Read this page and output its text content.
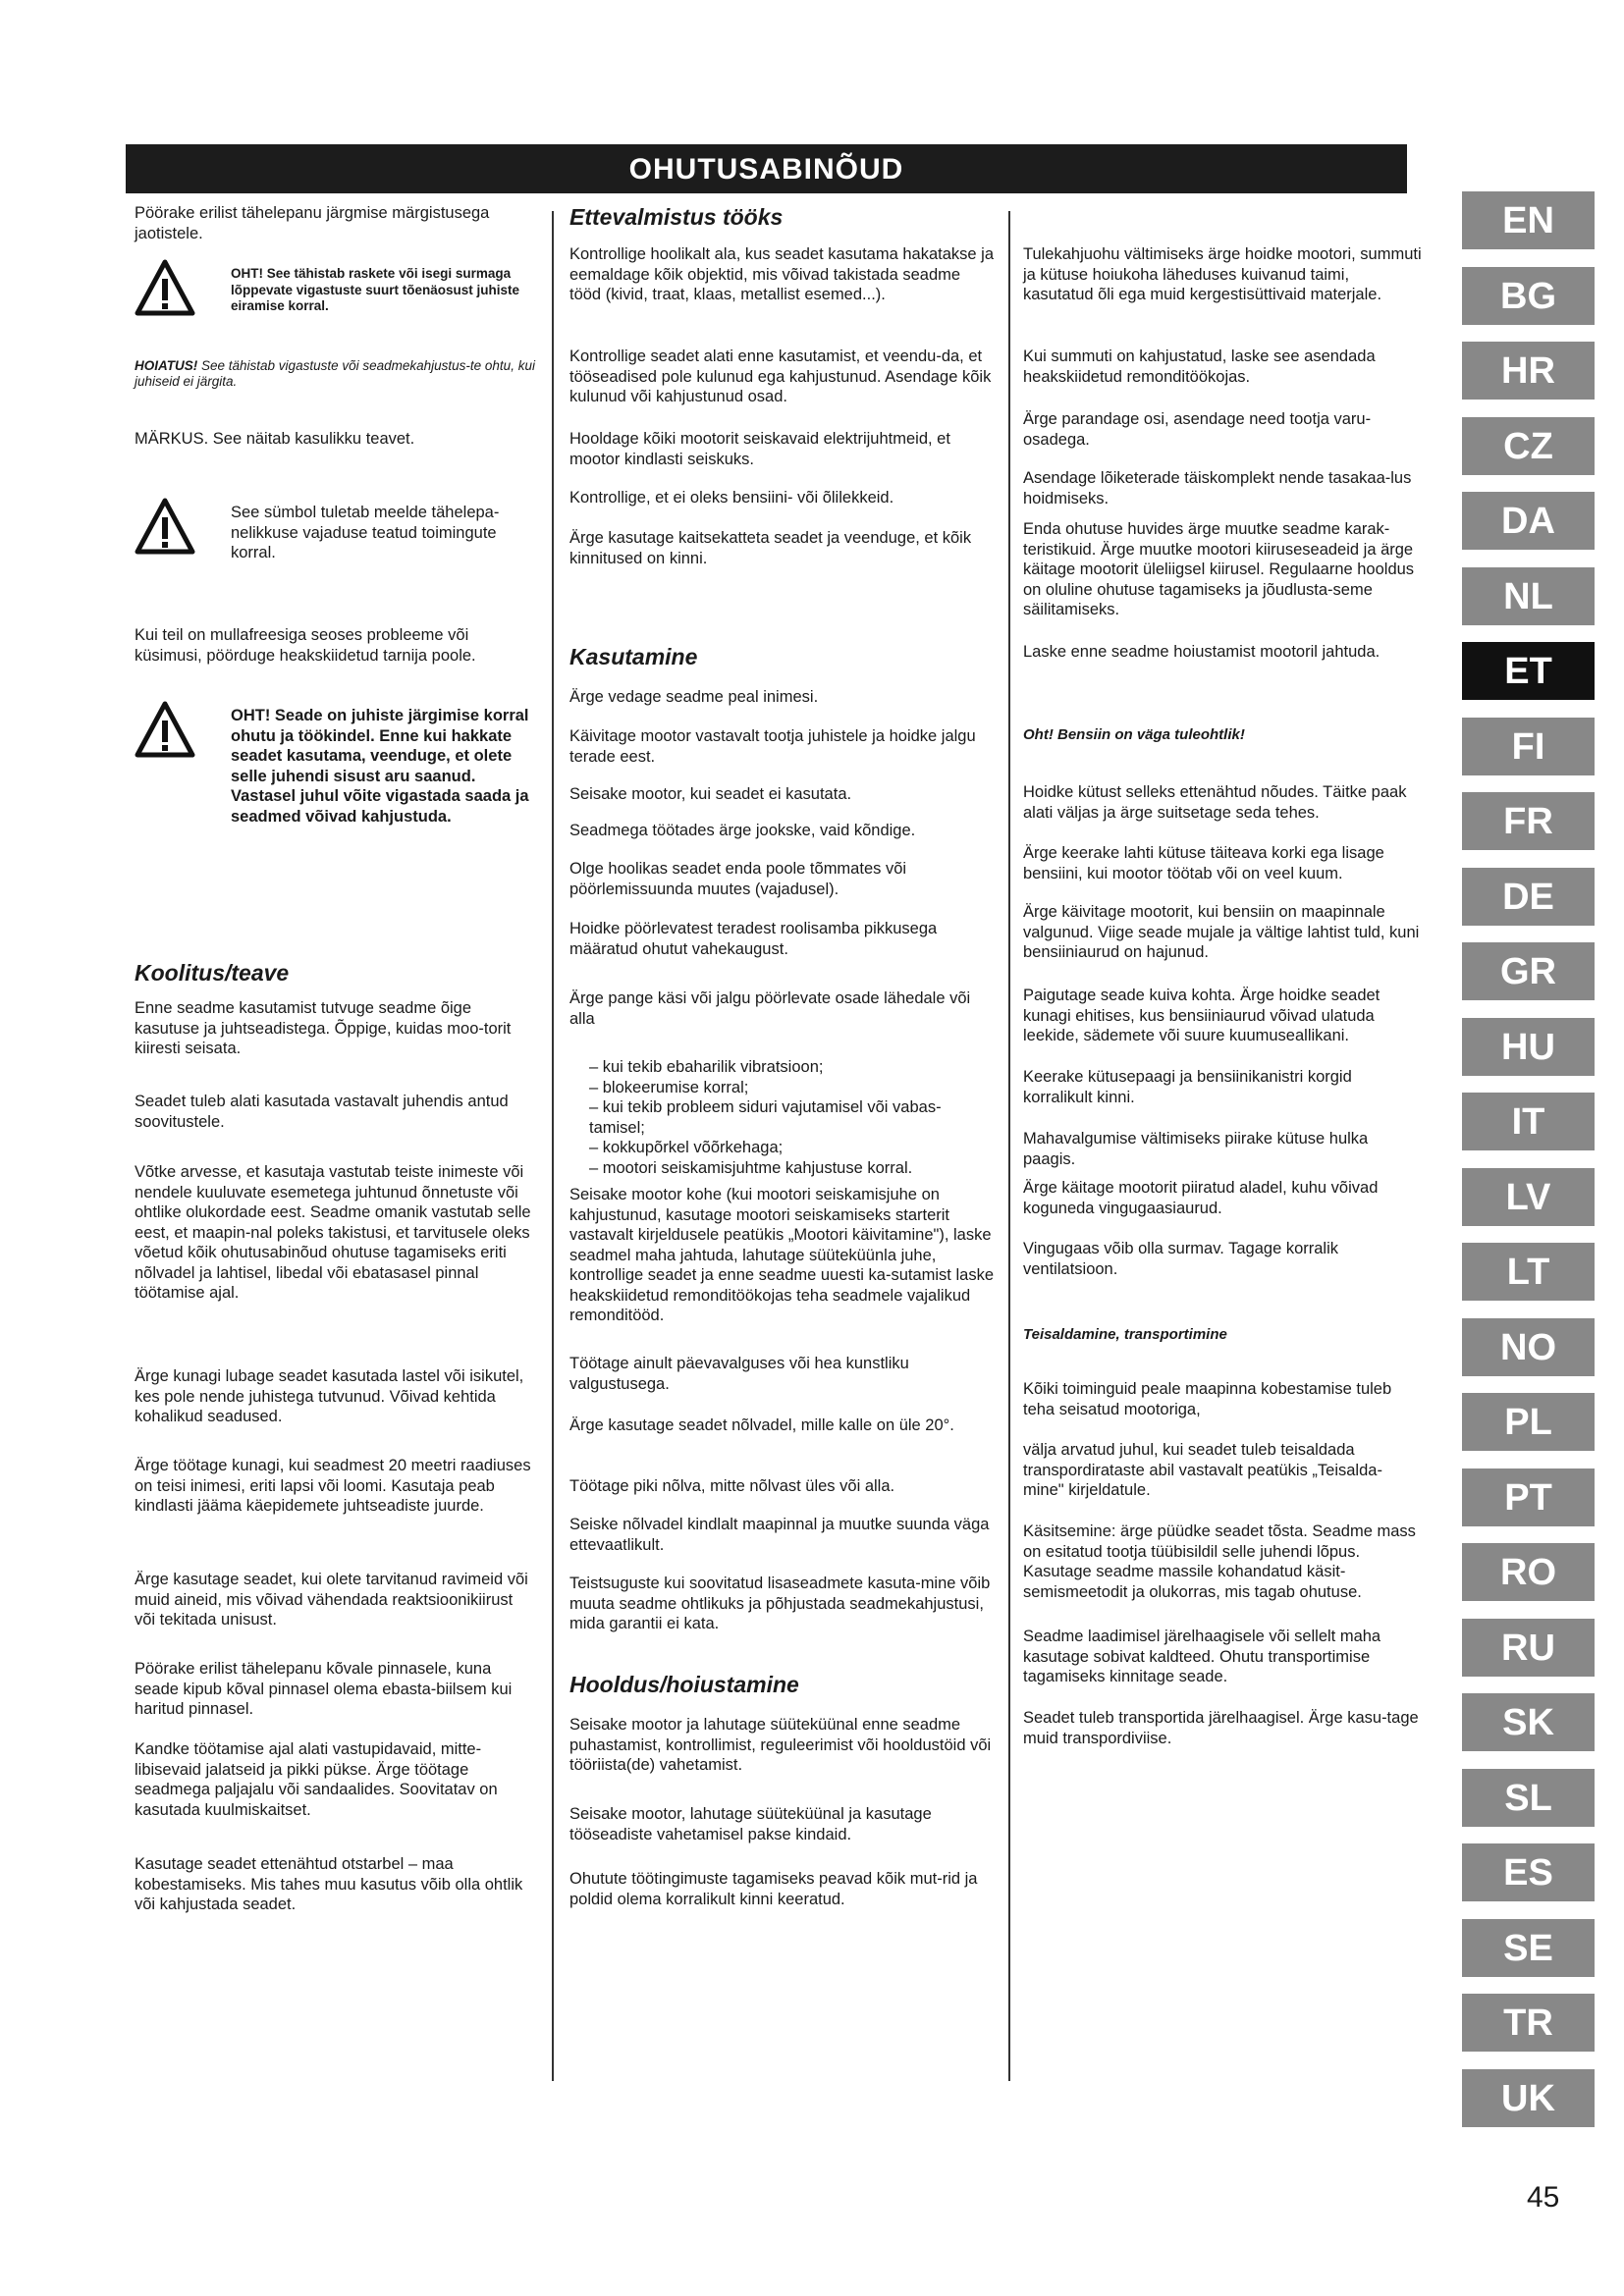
OHUTUSABINÕUD

Pöörake erilist tähelepanu järgmise märgistusega jaotistele.

OHT! See tähistab raskete või isegi surmaga lõppevate vigastuste suurt tõenäosust juhiste eiramise korral.

HOIATUS! See tähistab vigastuste või seadmekahjustus-te ohtu, kui juhiseid ei järgita.

MÄRKUS. See näitab kasulikku teavet.

See sümbol tuletab meelde tähelepa-nelikkuse vajaduse teatud toimingute korral.

Kui teil on mullafreesiga seoses probleeme või küsimusi, pöörduge heakskiidetud tarnija poole.

OHT! Seade on juhiste järgimise korral ohutu ja töökindel. Enne kui hakkate seadet kasutama, veenduge, et olete selle juhendi sisust aru saanud. Vastasel juhul võite vigastada saada ja seadmed võivad kahjustuda.

Koolitus/teave

Enne seadme kasutamist tutvuge seadme õige kasutuse ja juhtseadistega. Õppige, kuidas moo-torit kiiresti seisata.

Seadet tuleb alati kasutada vastavalt juhendis antud soovitustele.

Võtke arvesse, et kasutaja vastutab teiste inimeste või nendele kuuluvate esemetega juhtunud õnnetuste või ohtlike olukordade eest. Seadme omanik vastutab selle eest, et maapin-nal poleks takistusi, et tarvitusele oleks võetud kõik ohutusabinõud ohutuse tagamiseks eriti nõlvadel ja lahtisel, libedal või ebatasasel pinnal töötamise ajal.

Ärge kunagi lubage seadet kasutada lastel või isikutel, kes pole nende juhistega tutvunud. Võivad kehtida kohalikud seadused.

Ärge töötage kunagi, kui seadmest 20 meetri raadiuses on teisi inimesi, eriti lapsi või loomi. Kasutaja peab kindlasti jääma käepidemete juhtseadiste juurde.

Ärge kasutage seadet, kui olete tarvitanud ravimeid või muid aineid, mis võivad vähendada reaktsioonikiirust või tekitada unisust.

Pöörake erilist tähelepanu kõvale pinnasele, kuna seade kipub kõval pinnasel olema ebasta-biilsem kui haritud pinnasel.

Kandke töötamise ajal alati vastupidavaid, mitte-libisevaid jalatseid ja pikki pükse. Ärge töötage seadmega paljajalu või sandaalides. Soovitatav on kasutada kuulmiskaitset.

Kasutage seadet ettenähtud otstarbel – maa kobestamiseks. Mis tahes muu kasutus võib olla ohtlik või kahjustada seadet.

Ettevalmistus tööks

Kontrollige hoolikalt ala, kus seadet kasutama hakatakse ja eemaldage kõik objektid, mis võivad takistada seadme tööd (kivid, traat, klaas, metallist esemed...).

Kontrollige seadet alati enne kasutamist, et veendu-da, et tööseadised pole kulunud ega kahjustunud. Asendage kõik kulunud või kahjustunud osad.

Hooldage kõiki mootorit seiskavaid elektrijuhtmeid, et mootor kindlasti seiskuks.

Kontrollige, et ei oleks bensiini- või õlilekkeid.

Ärge kasutage kaitsekatteta seadet ja veenduge, et kõik kinnitused on kinni.

Kasutamine

Ärge vedage seadme peal inimesi.

Käivitage mootor vastavalt tootja juhistele ja hoidke jalgu terade eest.

Seisake mootor, kui seadet ei kasutata.

Seadmega töötades ärge jookske, vaid kõndige.

Olge hoolikas seadet enda poole tõmmates või pöörlemissuunda muutes (vajadusel).

Hoidke pöörlevatest teradest roolisamba pikkusega määratud ohutut vahekaugust.

Ärge pange käsi või jalgu pöörlevate osade lähedale või alla

– kui tekib ebaharilik vibratsioon;
– blokeerumise korral;
– kui tekib probleem siduri vajutamisel või vabas-tamisel;
– kokkupõrkel võõrkehaga;
– mootori seiskamisjuhtme kahjustuse korral.

Seisake mootor kohe (kui mootori seiskamisjuhe on kahjustunud, kasutage mootori seiskamiseks starterit vastavalt kirjeldusele peatükis „Mootori käivitamine"), laske seadmel maha jahtuda, lahutage süüteküünla juhe, kontrollige seadet ja enne seadme uuesti ka-sutamist laske heakskiidetud remonditöökojas teha seadmele vajalikud remonditööd.

Töötage ainult päevavalguses või hea kunstliku valgustusega.

Ärge kasutage seadet nõlvadel, mille kalle on üle 20°.

Töötage piki nõlva, mitte nõlvast üles või alla.

Seiske nõlvadel kindlalt maapinnal ja muutke suunda väga ettevaatlikult.

Teistsuguste kui soovitatud lisaseadmete kasuta-mine võib muuta seadme ohtlikuks ja põhjustada seadmekahjustusi, mida garantii ei kata.

Hooldus/hoiustamine

Seisake mootor ja lahutage süüteküünal enne seadme puhastamist, kontrollimist, reguleerimist või hooldustöid või tööriista(de) vahetamist.

Seisake mootor, lahutage süüteküünal ja kasutage tööseadiste vahetamisel pakse kindaid.

Ohutute töötingimuste tagamiseks peavad kõik mut-rid ja poldid olema korralikult kinni keeratud.

Tulekahjuohu vältimiseks ärge hoidke mootori, summuti ja kütuse hoiukoha läheduses kuivanud taimi, kasutatud õli ega muid kergestisüttivaid materjale.

Kui summuti on kahjustatud, laske see asendada heakskiidetud remonditöökojas.

Ärge parandage osi, asendage need tootja varu-osadega.

Asendage lõiketerade täiskomplekt nende tasakaa-lus hoidmiseks.

Enda ohutuse huvides ärge muutke seadme karak-teristikuid. Ärge muutke mootori kiiruseseadeid ja ärge käitage mootorit üleliigsel kiirusel. Regulaarne hooldus on oluline ohutuse tagamiseks ja jõudlusta-seme säilitamiseks.

Laske enne seadme hoiustamist mootoril jahtuda.

Oht! Bensiin on väga tuleohtlik!

Hoidke kütust selleks ettenähtud nõudes. Täitke paak alati väljas ja ärge suitsetage seda tehes.

Ärge keerake lahti kütuse täiteava korki ega lisage bensiini, kui mootor töötab või on veel kuum.

Ärge käivitage mootorit, kui bensiin on maapinnale valgunud. Viige seade mujale ja vältige lahtist tuld, kuni bensiiniaurud on hajunud.

Paigutage seade kuiva kohta. Ärge hoidke seadet kunagi ehitises, kus bensiiniaurud võivad ulatuda leekide, sädemete või suure kuumuseallikani.

Keerake kütusepaagi ja bensiinikanistri korgid korralikult kinni.

Mahavalgumise vältimiseks piirake kütuse hulka paagis.

Ärge käitage mootorit piiratud aladel, kuhu võivad koguneda vingugaasiaurud.

Vingugaas võib olla surmav. Tagage korralik ventilatsioon.

Teisaldamine, transportimine

Kõiki toiminguid peale maapinna kobestamise tuleb teha seisatud mootoriga,

välja arvatud juhul, kui seadet tuleb teisaldada transpordirataste abil vastavalt peatükis „Teisalda-mine" kirjeldatule.

Käsitsemine: ärge püüdke seadet tõsta. Seadme mass on esitatud tootja tüübisildil selle juhendi lõpus. Kasutage seadme massile kohandatud käsit-semismeetodit ja olukorras, mis tagab ohutuse.

Seadme laadimisel järelhaagisele või sellelt maha kasutage sobivat kaldteed. Ohutu transportimise tagamiseks kinnitage seade.

Seadet tuleb transportida järelhaagisel. Ärge kasu-tage muid transpordiviise.

EN
BG
HR
CZ
DA
NL
ET
FI
FR
DE
GR
HU
IT
LV
LT
NO
PL
PT
RO
RU
SK
SL
ES
SE
TR
UK
45
